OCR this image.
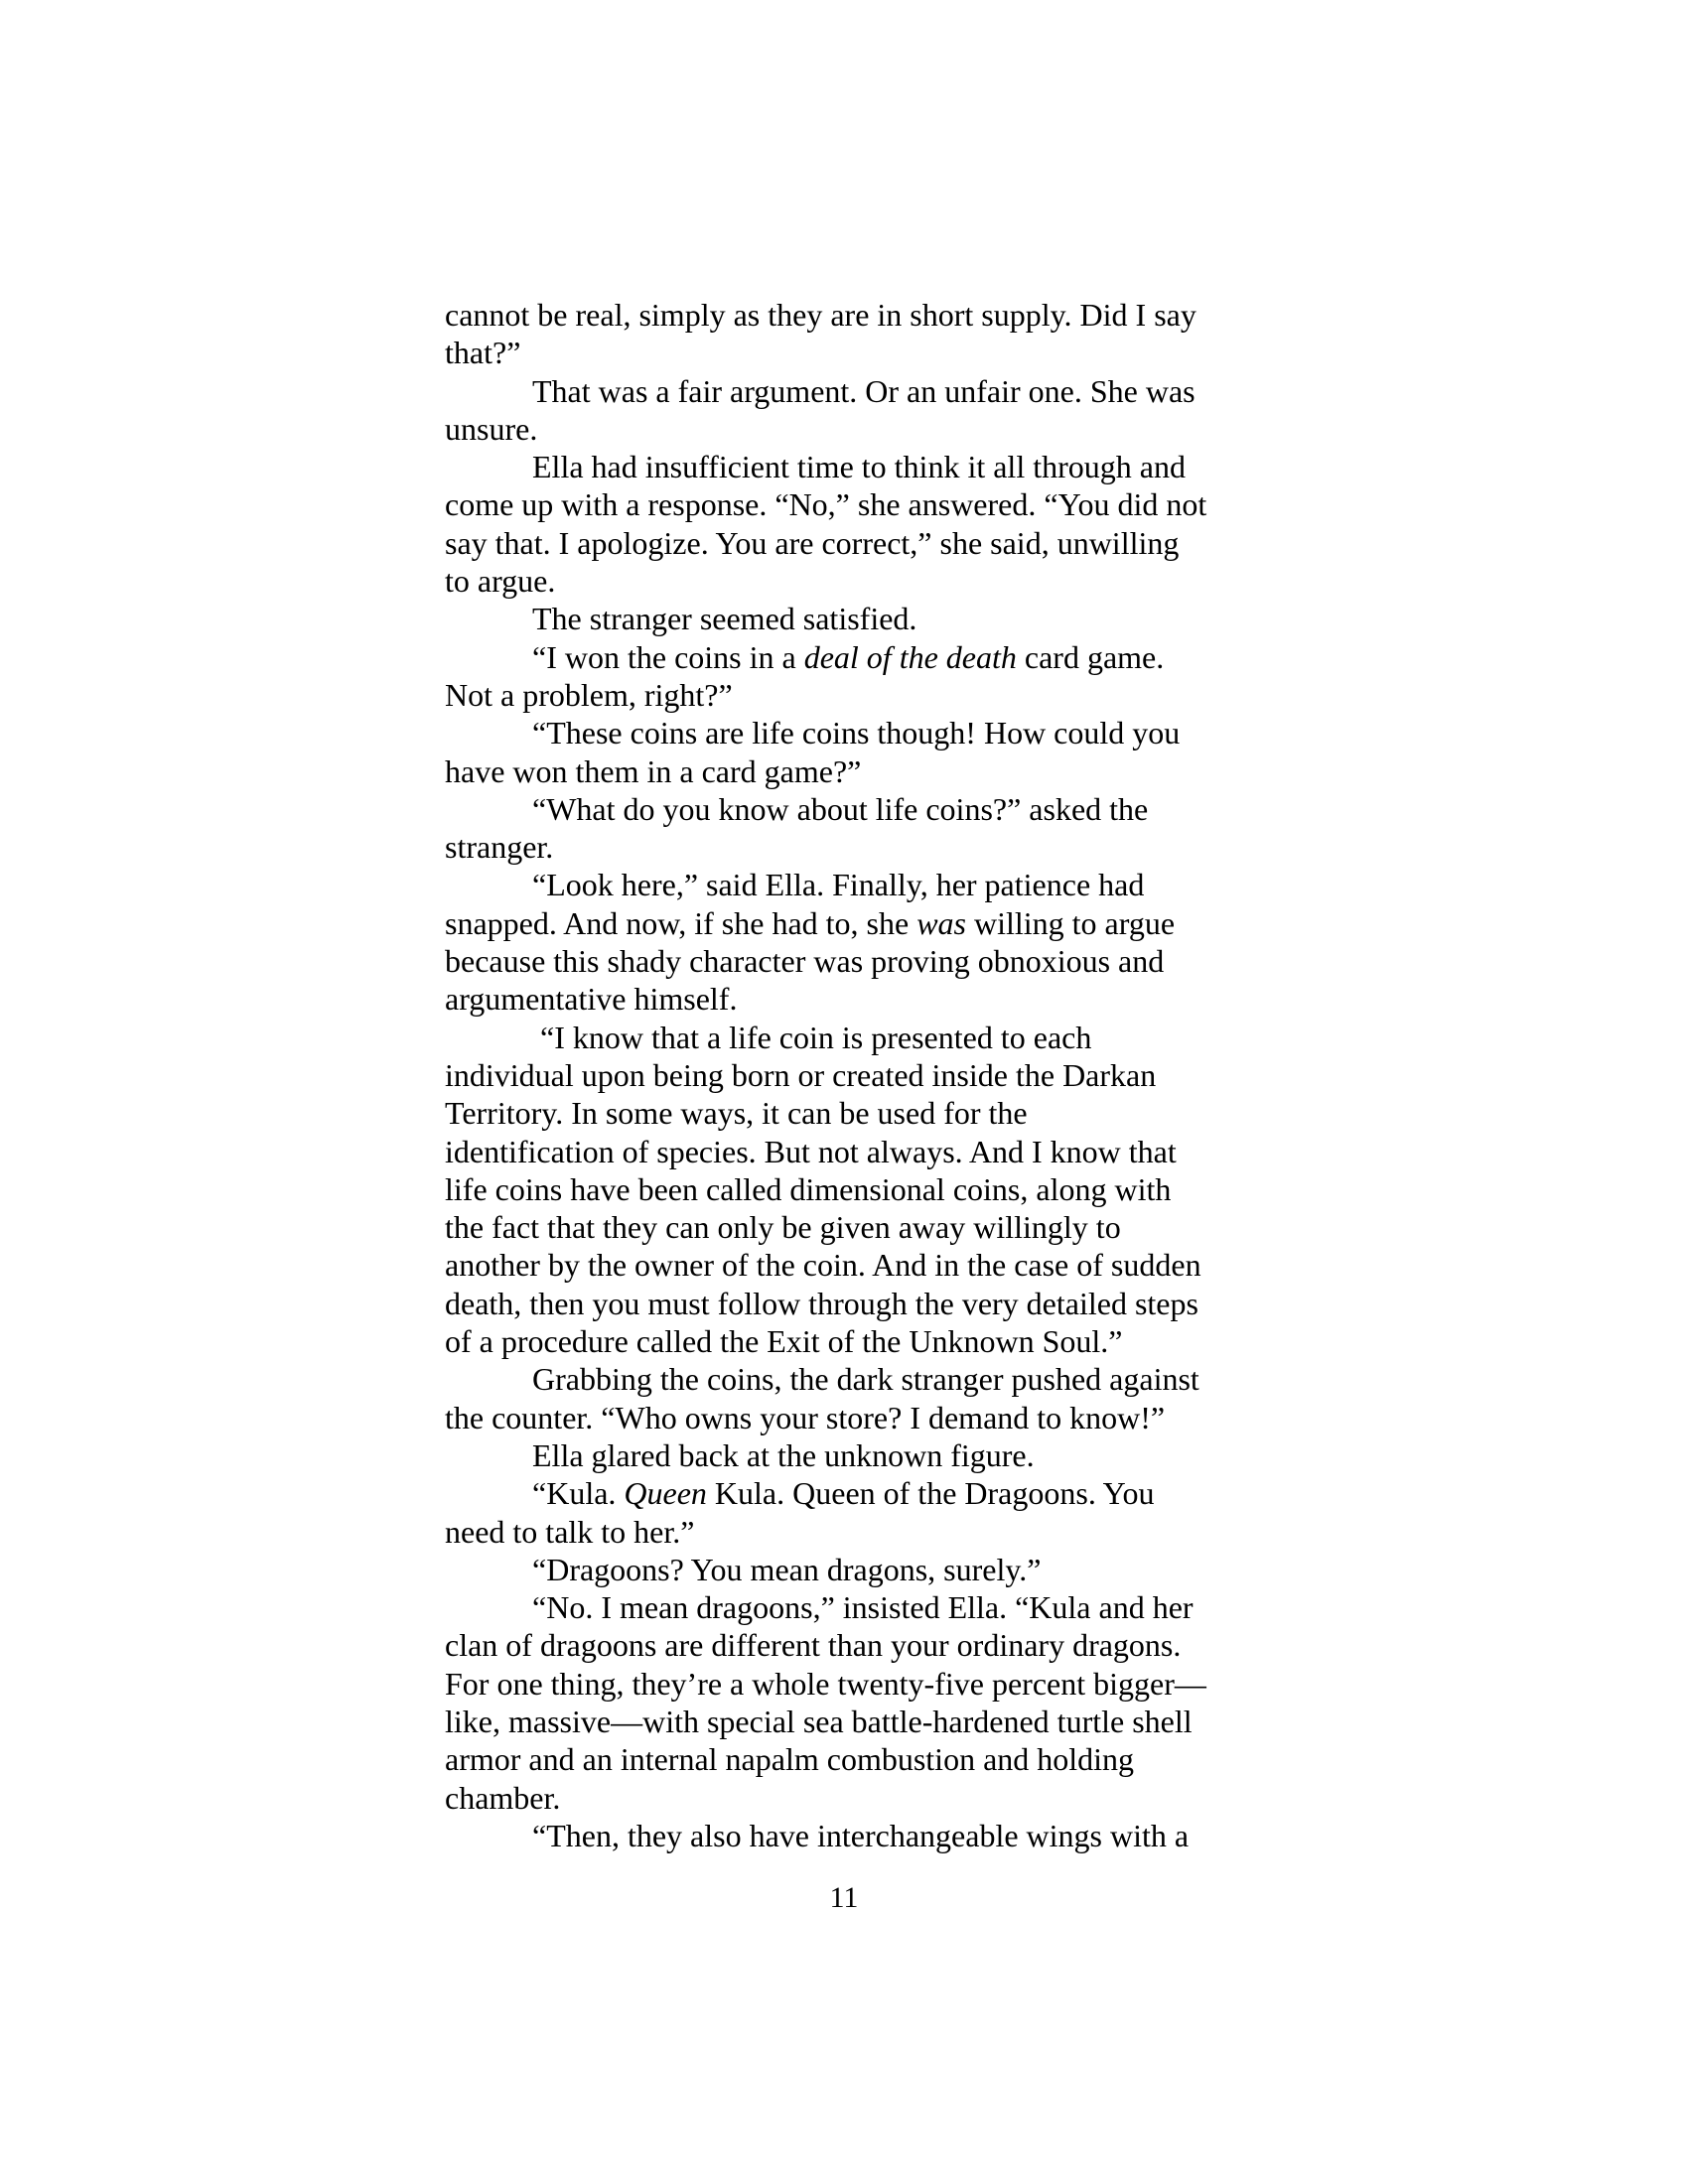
cannot be real, simply as they are in short supply. Did I say
that?”
That was a fair argument. Or an unfair one. She was
unsure.
Ella had insufficient time to think it all through and
come up with a response. “No,” she answered. “You did not
say that. I apologize. You are correct,” she said, unwilling
to argue.
The stranger seemed satisfied.
“I won the coins in a deal of the death card game.
Not a problem, right?”
“These coins are life coins though! How could you
have won them in a card game?”
“What do you know about life coins?” asked the
stranger.
“Look here,” said Ella. Finally, her patience had
snapped. And now, if she had to, she was willing to argue
because this shady character was proving obnoxious and
argumentative himself.
“I know that a life coin is presented to each
individual upon being born or created inside the Darkan
Territory. In some ways, it can be used for the
identification of species. But not always. And I know that
life coins have been called dimensional coins, along with
the fact that they can only be given away willingly to
another by the owner of the coin. And in the case of sudden
death, then you must follow through the very detailed steps
of a procedure called the Exit of the Unknown Soul.”
Grabbing the coins, the dark stranger pushed against
the counter. “Who owns your store? I demand to know!”
Ella glared back at the unknown figure.
“Kula. Queen Kula. Queen of the Dragoons. You
need to talk to her.”
“Dragoons? You mean dragons, surely.”
“No. I mean dragoons,” insisted Ella. “Kula and her
clan of dragoons are different than your ordinary dragons.
For one thing, they’re a whole twenty-five percent bigger—
like, massive—with special sea battle-hardened turtle shell
armor and an internal napalm combustion and holding
chamber.
“Then, they also have interchangeable wings with a
11
